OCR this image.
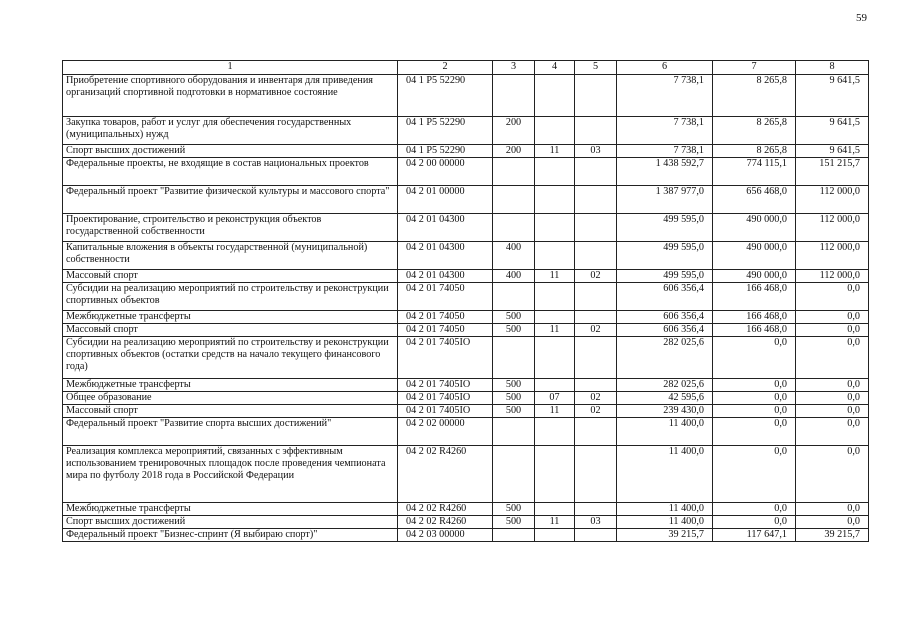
59
1	2	3	4	5	6	7	8
Приобретение спортивного оборудования и инвентаря для приведения организаций спортивной подготовки в нормативное состояние	04 1 P5 52290				7 738,1	8 265,8	9 641,5
Закупка товаров, работ и услуг для обеспечения государственных (муниципальных) нужд	04 1 P5 52290	200			7 738,1	8 265,8	9 641,5
Спорт высших достижений	04 1 P5 52290	200	11	03	7 738,1	8 265,8	9 641,5
Федеральные проекты, не входящие в состав национальных проектов	04 2 00 00000				1 438 592,7	774 115,1	151 215,7
Федеральный проект "Развитие физической культуры и массового спорта"	04 2 01 00000				1 387 977,0	656 468,0	112 000,0
Проектирование, строительство и реконструкция объектов государственной собственности	04 2 01 04300				499 595,0	490 000,0	112 000,0
Капитальные вложения в объекты государственной (муниципальной) собственности	04 2 01 04300	400			499 595,0	490 000,0	112 000,0
Массовый спорт	04 2 01 04300	400	11	02	499 595,0	490 000,0	112 000,0
Субсидии на реализацию мероприятий по строительству и реконструкции спортивных объектов	04 2 01 74050				606 356,4	166 468,0	0,0
Межбюджетные трансферты	04 2 01 74050	500			606 356,4	166 468,0	0,0
Массовый спорт	04 2 01 74050	500	11	02	606 356,4	166 468,0	0,0
Субсидии на реализацию мероприятий по строительству и реконструкции спортивных объектов (остатки средств на начало текущего финансового года)	04 2 01 7405IO				282 025,6	0,0	0,0
Межбюджетные трансферты	04 2 01 7405IO	500			282 025,6	0,0	0,0
Общее образование	04 2 01 7405IO	500	07	02	42 595,6	0,0	0,0
Массовый спорт	04 2 01 7405IO	500	11	02	239 430,0	0,0	0,0
Федеральный проект "Развитие спорта высших достижений"	04 2 02 00000				11 400,0	0,0	0,0
Реализация комплекса мероприятий, связанных с эффективным использованием тренировочных площадок после проведения чемпионата мира по футболу 2018 года в Российской Федерации	04 2 02 R4260				11 400,0	0,0	0,0
Межбюджетные трансферты	04 2 02 R4260	500			11 400,0	0,0	0,0
Спорт высших достижений	04 2 02 R4260	500	11	03	11 400,0	0,0	0,0
Федеральный проект "Бизнес-спринт (Я выбираю спорт)"	04 2 03 00000				39 215,7	117 647,1	39 215,7
